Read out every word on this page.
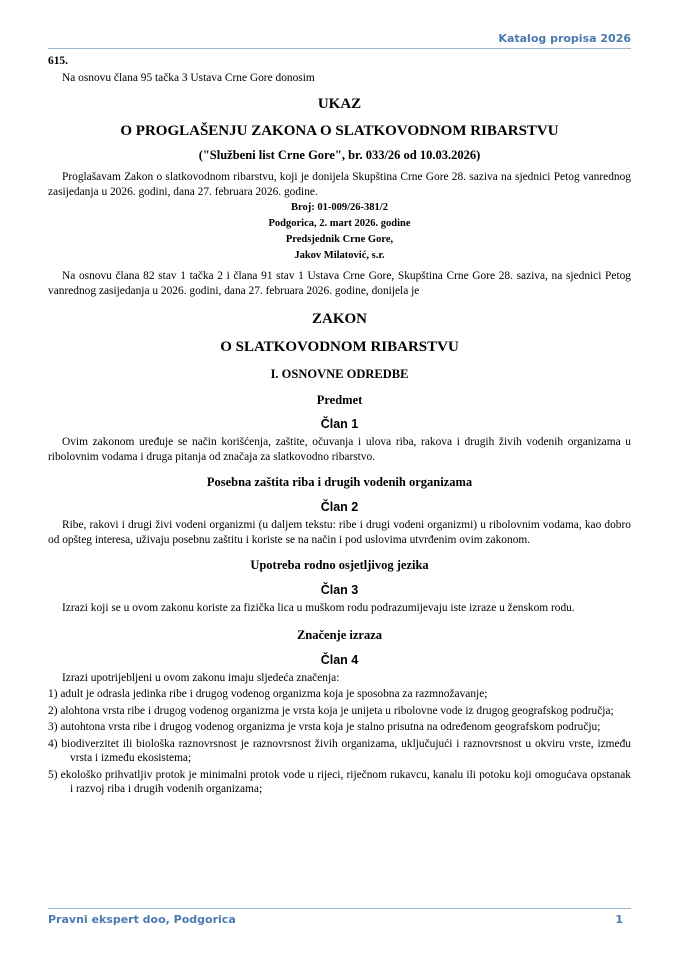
Katalog propisa 2026

615.

Na osnovu člana 95 tačka 3 Ustava Crne Gore donosim

UKAZ

O PROGLAŠENJU ZAKONA O SLATKOVODNOM RIBARSTVU

("Službeni list Crne Gore", br. 033/26 od 10.03.2026)

Proglašavam Zakon o slatkovodnom ribarstvu, koji je donijela Skupština Crne Gore 28. saziva na sjednici Petog vanrednog zasijedanja u 2026. godini, dana 27. februara 2026. godine.

Broj: 01-009/26-381/2

Podgorica, 2. mart 2026. godine

Predsjednik Crne Gore,

Jakov Milatović, s.r.

Na osnovu člana 82 stav 1 tačka 2 i člana 91 stav 1 Ustava Crne Gore, Skupština Crne Gore 28. saziva, na sjednici Petog vanrednog zasijedanja u 2026. godini, dana 27. februara 2026. godine, donijela je

ZAKON

O SLATKOVODNOM RIBARSTVU

I. OSNOVNE ODREDBE

Predmet

Član 1

Ovim zakonom uređuje se način korišćenja, zaštite, očuvanja i ulova riba, rakova i drugih živih vodenih organizama u ribolovnim vodama i druga pitanja od značaja za slatkovodno ribarstvo.

Posebna zaštita riba i drugih vodenih organizama

Član 2

Ribe, rakovi i drugi živi vodeni organizmi (u daljem tekstu: ribe i drugi vodeni organizmi) u ribolovnim vodama, kao dobro od opšteg interesa, uživaju posebnu zaštitu i koriste se na način i pod uslovima utvrđenim ovim zakonom.

Upotreba rodno osjetljivog jezika

Član 3

Izrazi koji se u ovom zakonu koriste za fizička lica u muškom rodu podrazumijevaju iste izraze u ženskom rodu.

Značenje izraza

Član 4

Izrazi upotrijebljeni u ovom zakonu imaju sljedeća značenja:

1) adult je odrasla jedinka ribe i drugog vodenog organizma koja je sposobna za razmnožavanje;

2) alohtona vrsta ribe i drugog vodenog organizma je vrsta koja je unijeta u ribolovne vode iz drugog geografskog područja;

3) autohtona vrsta ribe i drugog vodenog organizma je vrsta koja je stalno prisutna na određenom geografskom području;

4) biodiverzitet ili biološka raznovrsnost je raznovrsnost živih organizama, uključujući i raznovrsnost u okviru vrste, između vrsta i između ekosistema;

5) ekološko prihvatljiv protok je minimalni protok vode u rijeci, riječnom rukavcu, kanalu ili potoku koji omogućava opstanak i razvoj riba i drugih vodenih organizama;

Pravni ekspert doo, Podgorica	1
